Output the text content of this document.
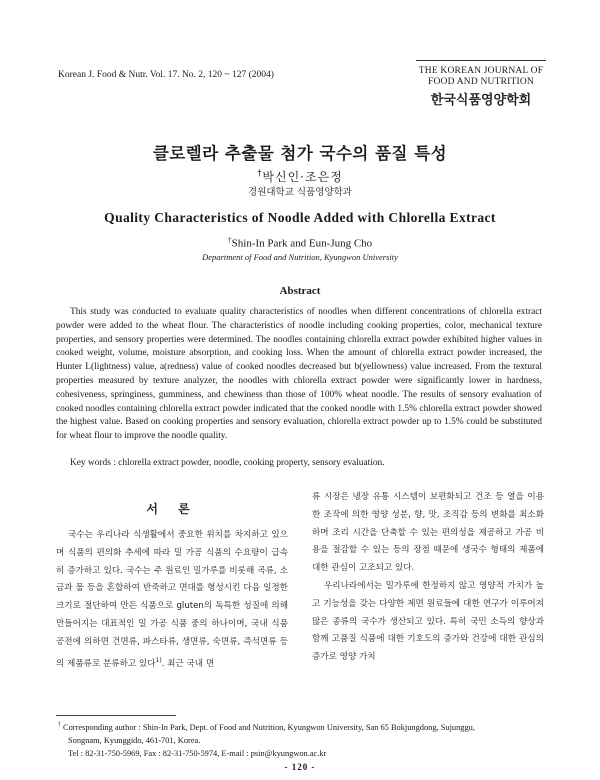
Korean J. Food & Nutr. Vol. 17. No. 2, 120 ~ 127 (2004)	THE KOREAN JOURNAL OF
FOOD AND NUTRITION
한국식품영양학회
클로렐라 추출물 첨가 국수의 품질 특성
†박신인·조은정
경원대학교 식품영양학과
Quality Characteristics of Noodle Added with Chlorella Extract
†Shin-In Park and Eun-Jung Cho
Department of Food and Nutrition, Kyungwon University
Abstract
This study was conducted to evaluate quality characteristics of noodles when different concentrations of chlorella extract powder were added to the wheat flour. The characteristics of noodle including cooking properties, color, mechanical texture properties, and sensory properties were determined. The noodles containing chlorella extract powder exhibited higher values in cooked weight, volume, moisture absorption, and cooking loss. When the amount of chlorella extract powder increased, the Hunter L(lightness) value, a(redness) value of cooked noodles decreased but b(yellowness) value increased. From the textural properties measured by texture analyzer, the noodles with chlorella extract powder were significantly lower in hardness, cohesiveness, springiness, gumminess, and chewiness than those of 100% wheat noodle. The results of sensory evaluation of cooked noodles containing chlorella extract powder indicated that the cooked noodle with 1.5% chlorella extract powder showed the highest value. Based on cooking properties and sensory evaluation, chlorella extract powder up to 1.5% could be substituted for wheat flour to improve the noodle quality.
Key words : chlorella extract powder, noodle, cooking property, sensory evaluation.
서 론

국수는 우리나라 식생활에서 중요한 위치를 차지하고 있으며 식품의 편의화 추세에 따라 밀 가공 식품의 수요량이 급속히 증가하고 있다. 국수는 주 원료인 밀가루를 비롯해 곡류, 소금과 물 등을 혼합하여 반죽하고 면대를 형성시킨 다음 일정한 크기로 절단하여 만든 식품으로 gluten의 독특한 성질에 의해 만들어지는 대표적인 밀 가공 식품 중의 하나이며, 국내 식품공전에 의하면 건면류, 파스타류, 생면류, 숙면류, 즉석면류 등의 제품류로 분류하고 있다$^{1)}$. 최근 국내 면

류 시장은 냉장 유통 시스템이 보편화되고 건조 등 열을 이용한 조작에 의한 영양 성분, 향, 맛, 조직감 등의 변화를 최소화하며 조리 시간을 단축할 수 있는 편의성을 제공하고 가공 비용을 절감할 수 있는 등의 장점 때문에 생국수 형태의 제품에 대한 관심이 고조되고 있다.

우리나라에서는 밀가루에 한정하지 않고 영양적 가치가 높고 기능성을 갖는 다양한 제면 원료들에 대한 연구가 이루어져 많은 종류의 국수가 생산되고 있다. 특히 국민 소득의 향상과 함께 고품질 식품에 대한 기호도의 증가와 건강에 대한 관심의 증가로 영양 가치

† Corresponding author : Shin-In Park, Dept. of Food and Nutrition, Kyungwon University, San 65 Bokjungdong, Sujunggu,
Songnam, Kyunggido, 461-701, Korea.
Tel : 82-31-750-5969, Fax : 82-31-750-5974, E-mail : psin@kyungwon.ac.kr
- 120 -
